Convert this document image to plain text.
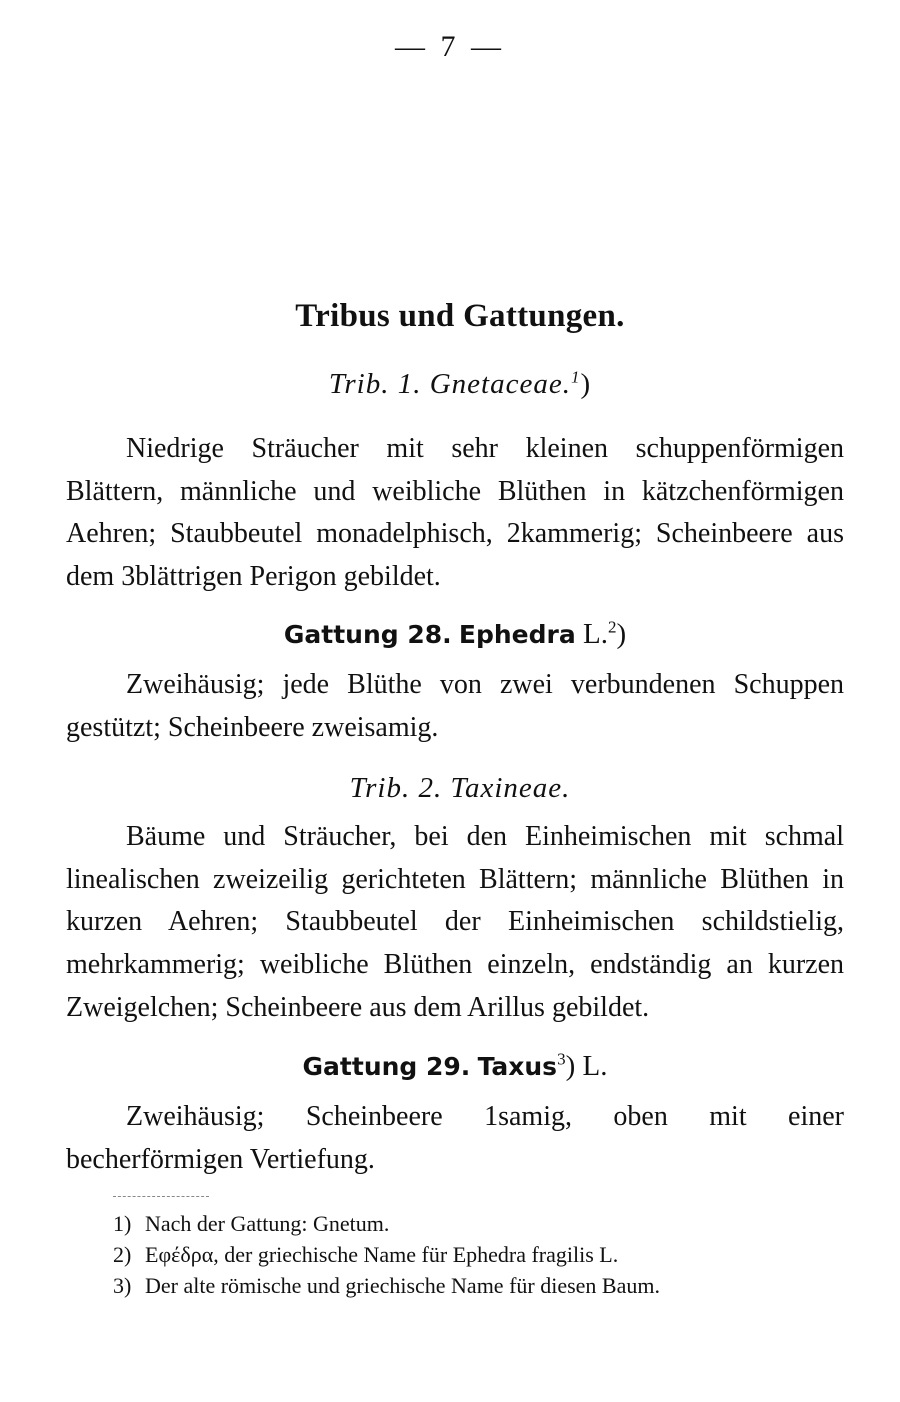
— 7 —
Tribus und Gattungen.
Trib. 1. Gnetaceae.$^1$)
Niedrige Sträucher mit sehr kleinen schuppenförmigen Blättern, männliche und weibliche Blüthen in kätzchenförmigen Aehren; Staubbeutel monadelphisch, 2kammerig; Scheinbeere aus dem 3blättrigen Perigon gebildet.
Gattung 28. Ephedra L.$^2$)
Zweihäusig; jede Blüthe von zwei verbundenen Schuppen gestützt; Scheinbeere zweisamig.
Trib. 2. Taxineae.
Bäume und Sträucher, bei den Einheimischen mit schmal linealischen zweizeilig gerichteten Blättern; männliche Blüthen in kurzen Aehren; Staubbeutel der Einheimischen schildstielig, mehrkammerig; weibliche Blüthen einzeln, endständig an kurzen Zweigelchen; Scheinbeere aus dem Arillus gebildet.
Gattung 29. Taxus$^3$) L.
Zweihäusig; Scheinbeere 1samig, oben mit einer becherförmigen Vertiefung.
1) Nach der Gattung: Gnetum.
2) Εφέδρα, der griechische Name für Ephedra fragilis L.
3) Der alte römische und griechische Name für diesen Baum.
